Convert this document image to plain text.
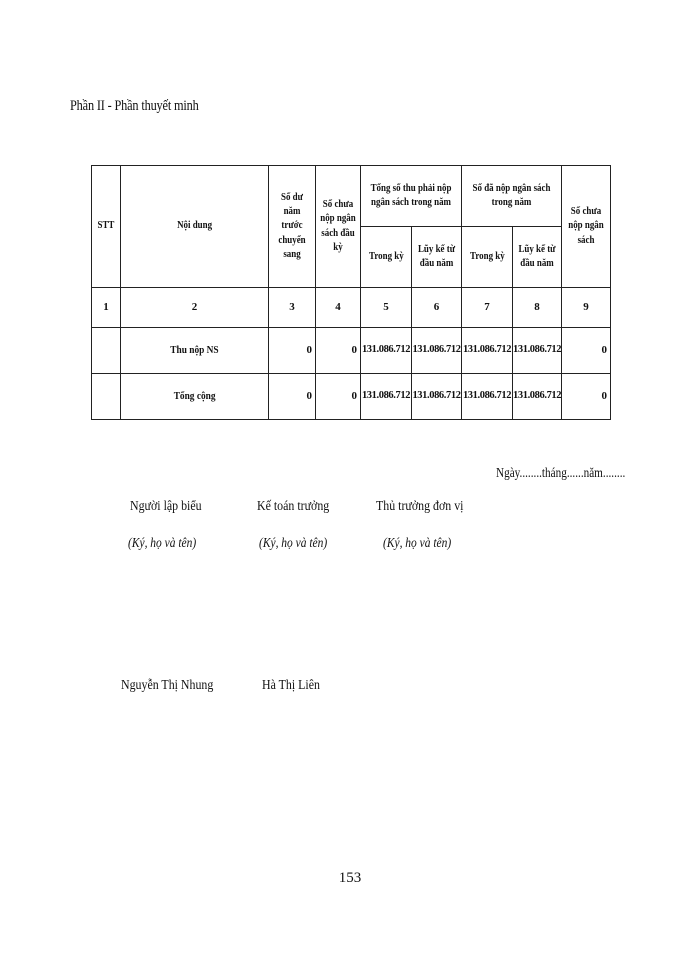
Phần II - Phần thuyết minh
STT	Nội dung	Số dư năm trước chuyển sang	Số chưa nộp ngân sách đầu kỳ	Tổng số thu phải nộp ngân sách trong năm		Số đã nộp ngân sách trong năm		Số chưa nộp ngân sách
				Trong kỳ	Lũy kế từ đầu năm	Trong kỳ	Lũy kế từ đầu năm	
1	2	3	4	5	6	7	8	9
	Thu nộp NS	0	0	131.086.712	131.086.712	131.086.712	131.086.712	0
	Tổng cộng	0	0	131.086.712	131.086.712	131.086.712	131.086.712	0
Ngày........tháng......năm........
Người lập biểu
(Ký, họ và tên)
Nguyễn Thị Nhung
Kế toán trưởng
(Ký, họ và tên)
Hà Thị Liên
Thủ trưởng đơn vị
(Ký, họ và tên)
153
